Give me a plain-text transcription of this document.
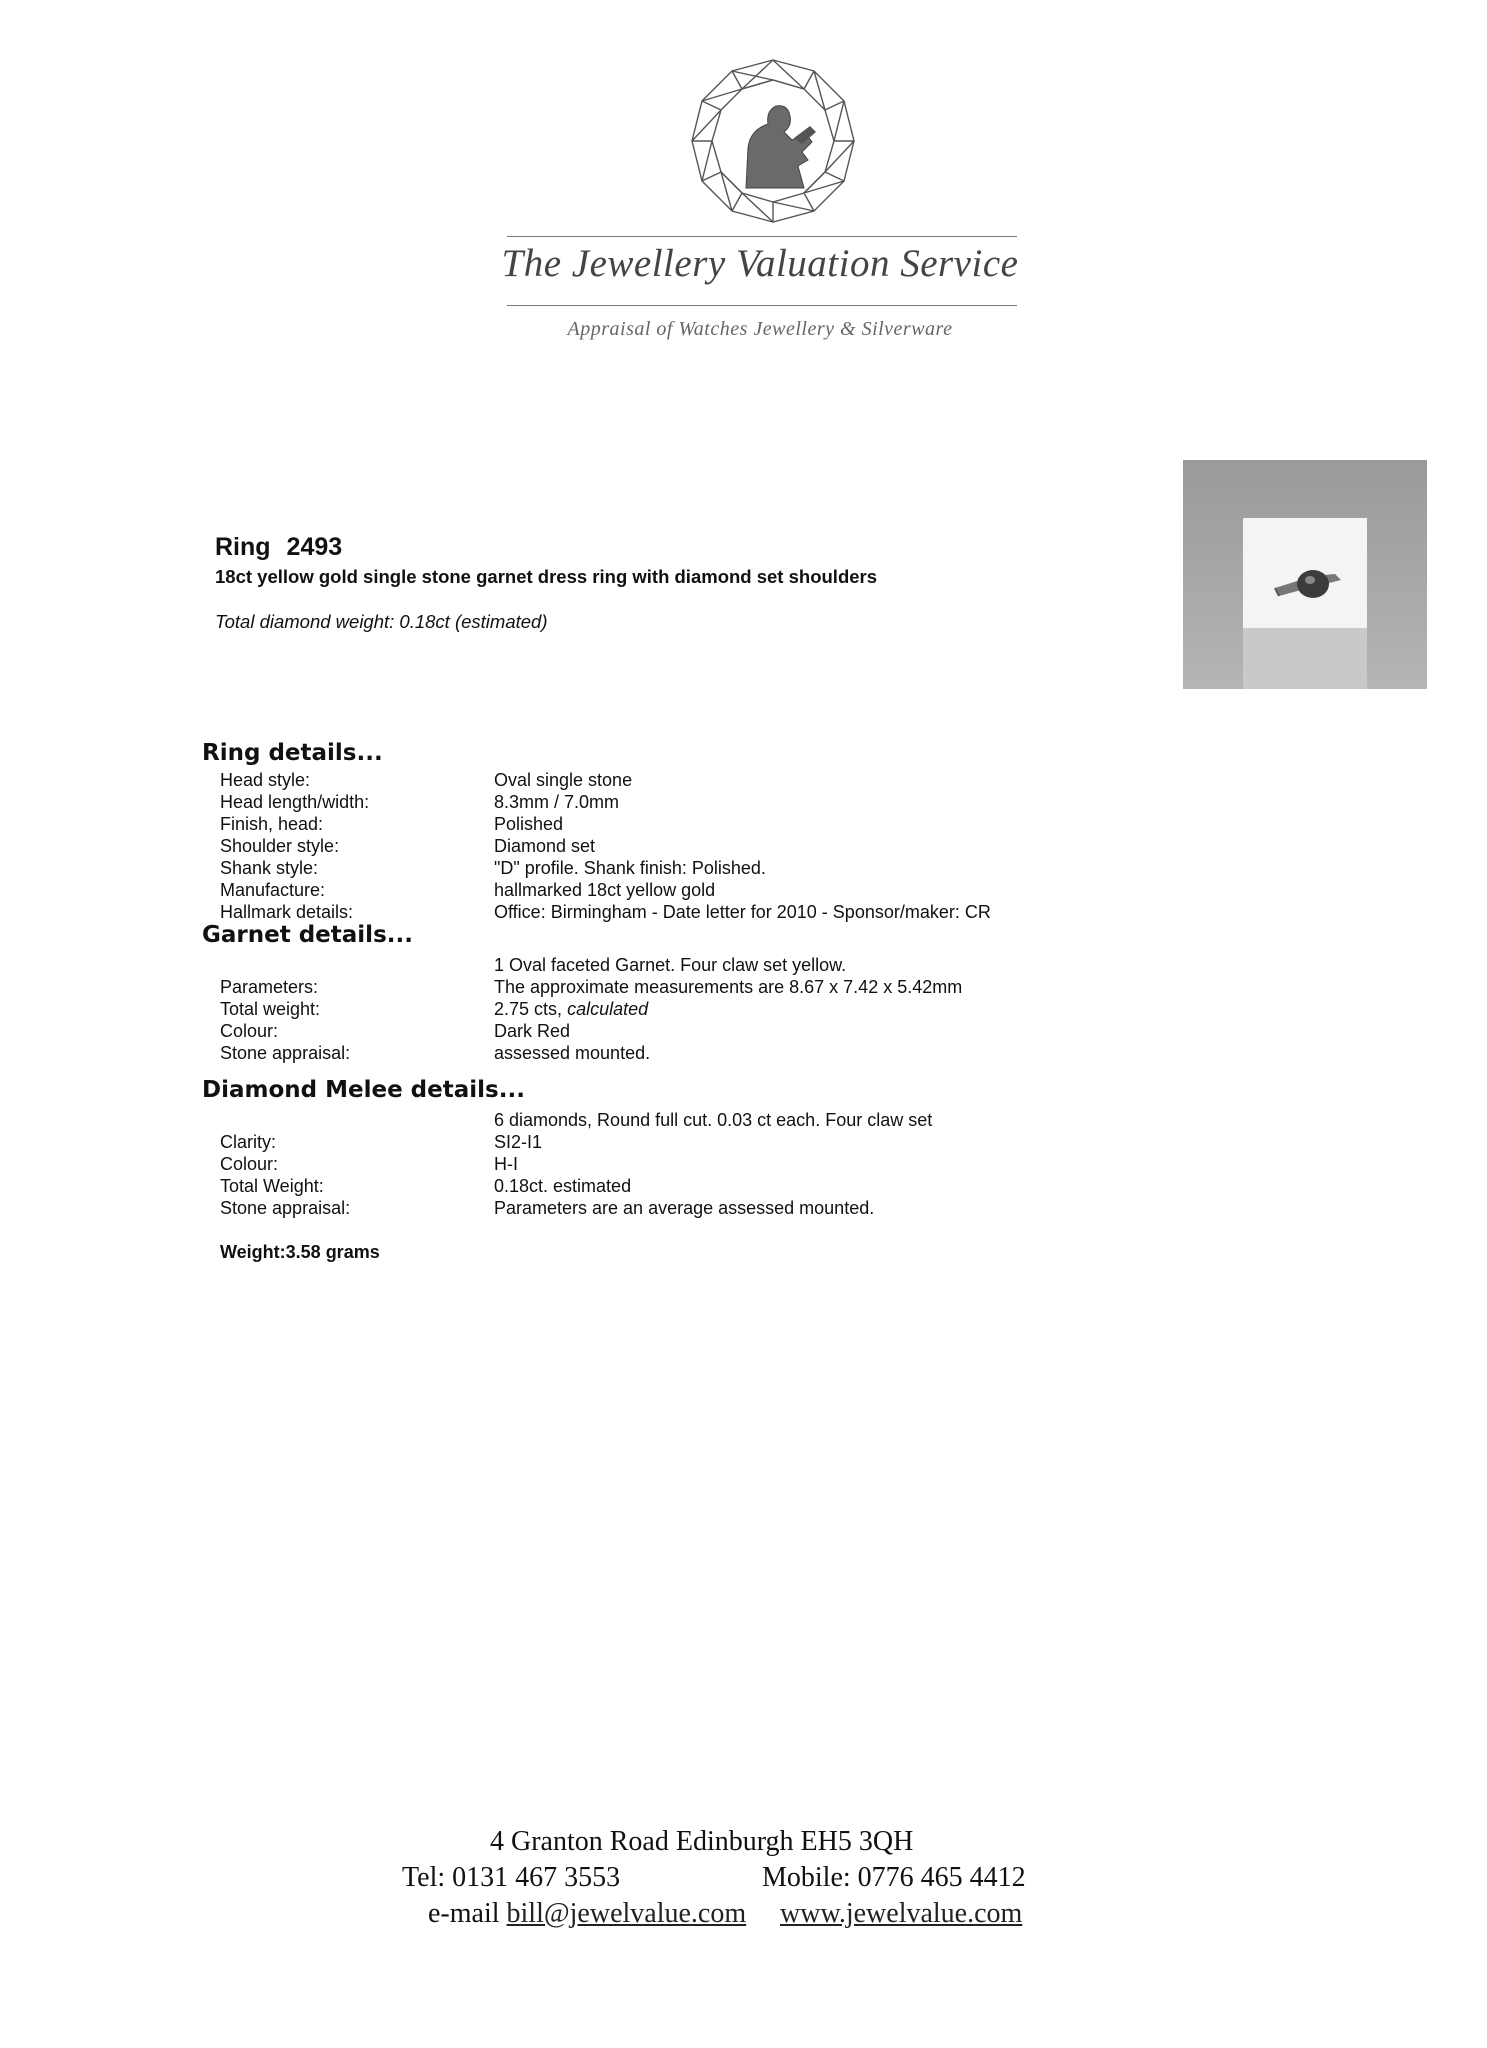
The Jewellery Valuation Service
Appraisal of Watches Jewellery & Silverware
Ring 2493
18ct yellow gold single stone garnet dress ring with diamond set shoulders
Total diamond weight: 0.18ct (estimated)
Ring details...
Head style:	Oval single stone
Head length/width:	8.3mm / 7.0mm
Finish, head:	Polished
Shoulder style:	Diamond set
Shank style:	"D" profile. Shank finish: Polished.
Manufacture:	hallmarked 18ct yellow gold
Hallmark details:	Office: Birmingham - Date letter for 2010 - Sponsor/maker: CR
Garnet details...
1 Oval faceted Garnet. Four claw set yellow.
Parameters:	The approximate measurements are 8.67 x 7.42 x 5.42mm
Total weight:	2.75 cts, calculated
Colour:	Dark Red
Stone appraisal:	assessed mounted.
Diamond Melee details...
6 diamonds, Round full cut. 0.03 ct each. Four claw set
Clarity:	SI2-I1
Colour:	H-I
Total Weight:	0.18ct. estimated
Stone appraisal:	Parameters are an average assessed mounted.
Weight:3.58 grams
4 Granton Road Edinburgh EH5 3QH
Tel: 0131 467 3553	Mobile: 0776 465 4412
e-mail bill@jewelvalue.com www.jewelvalue.com
